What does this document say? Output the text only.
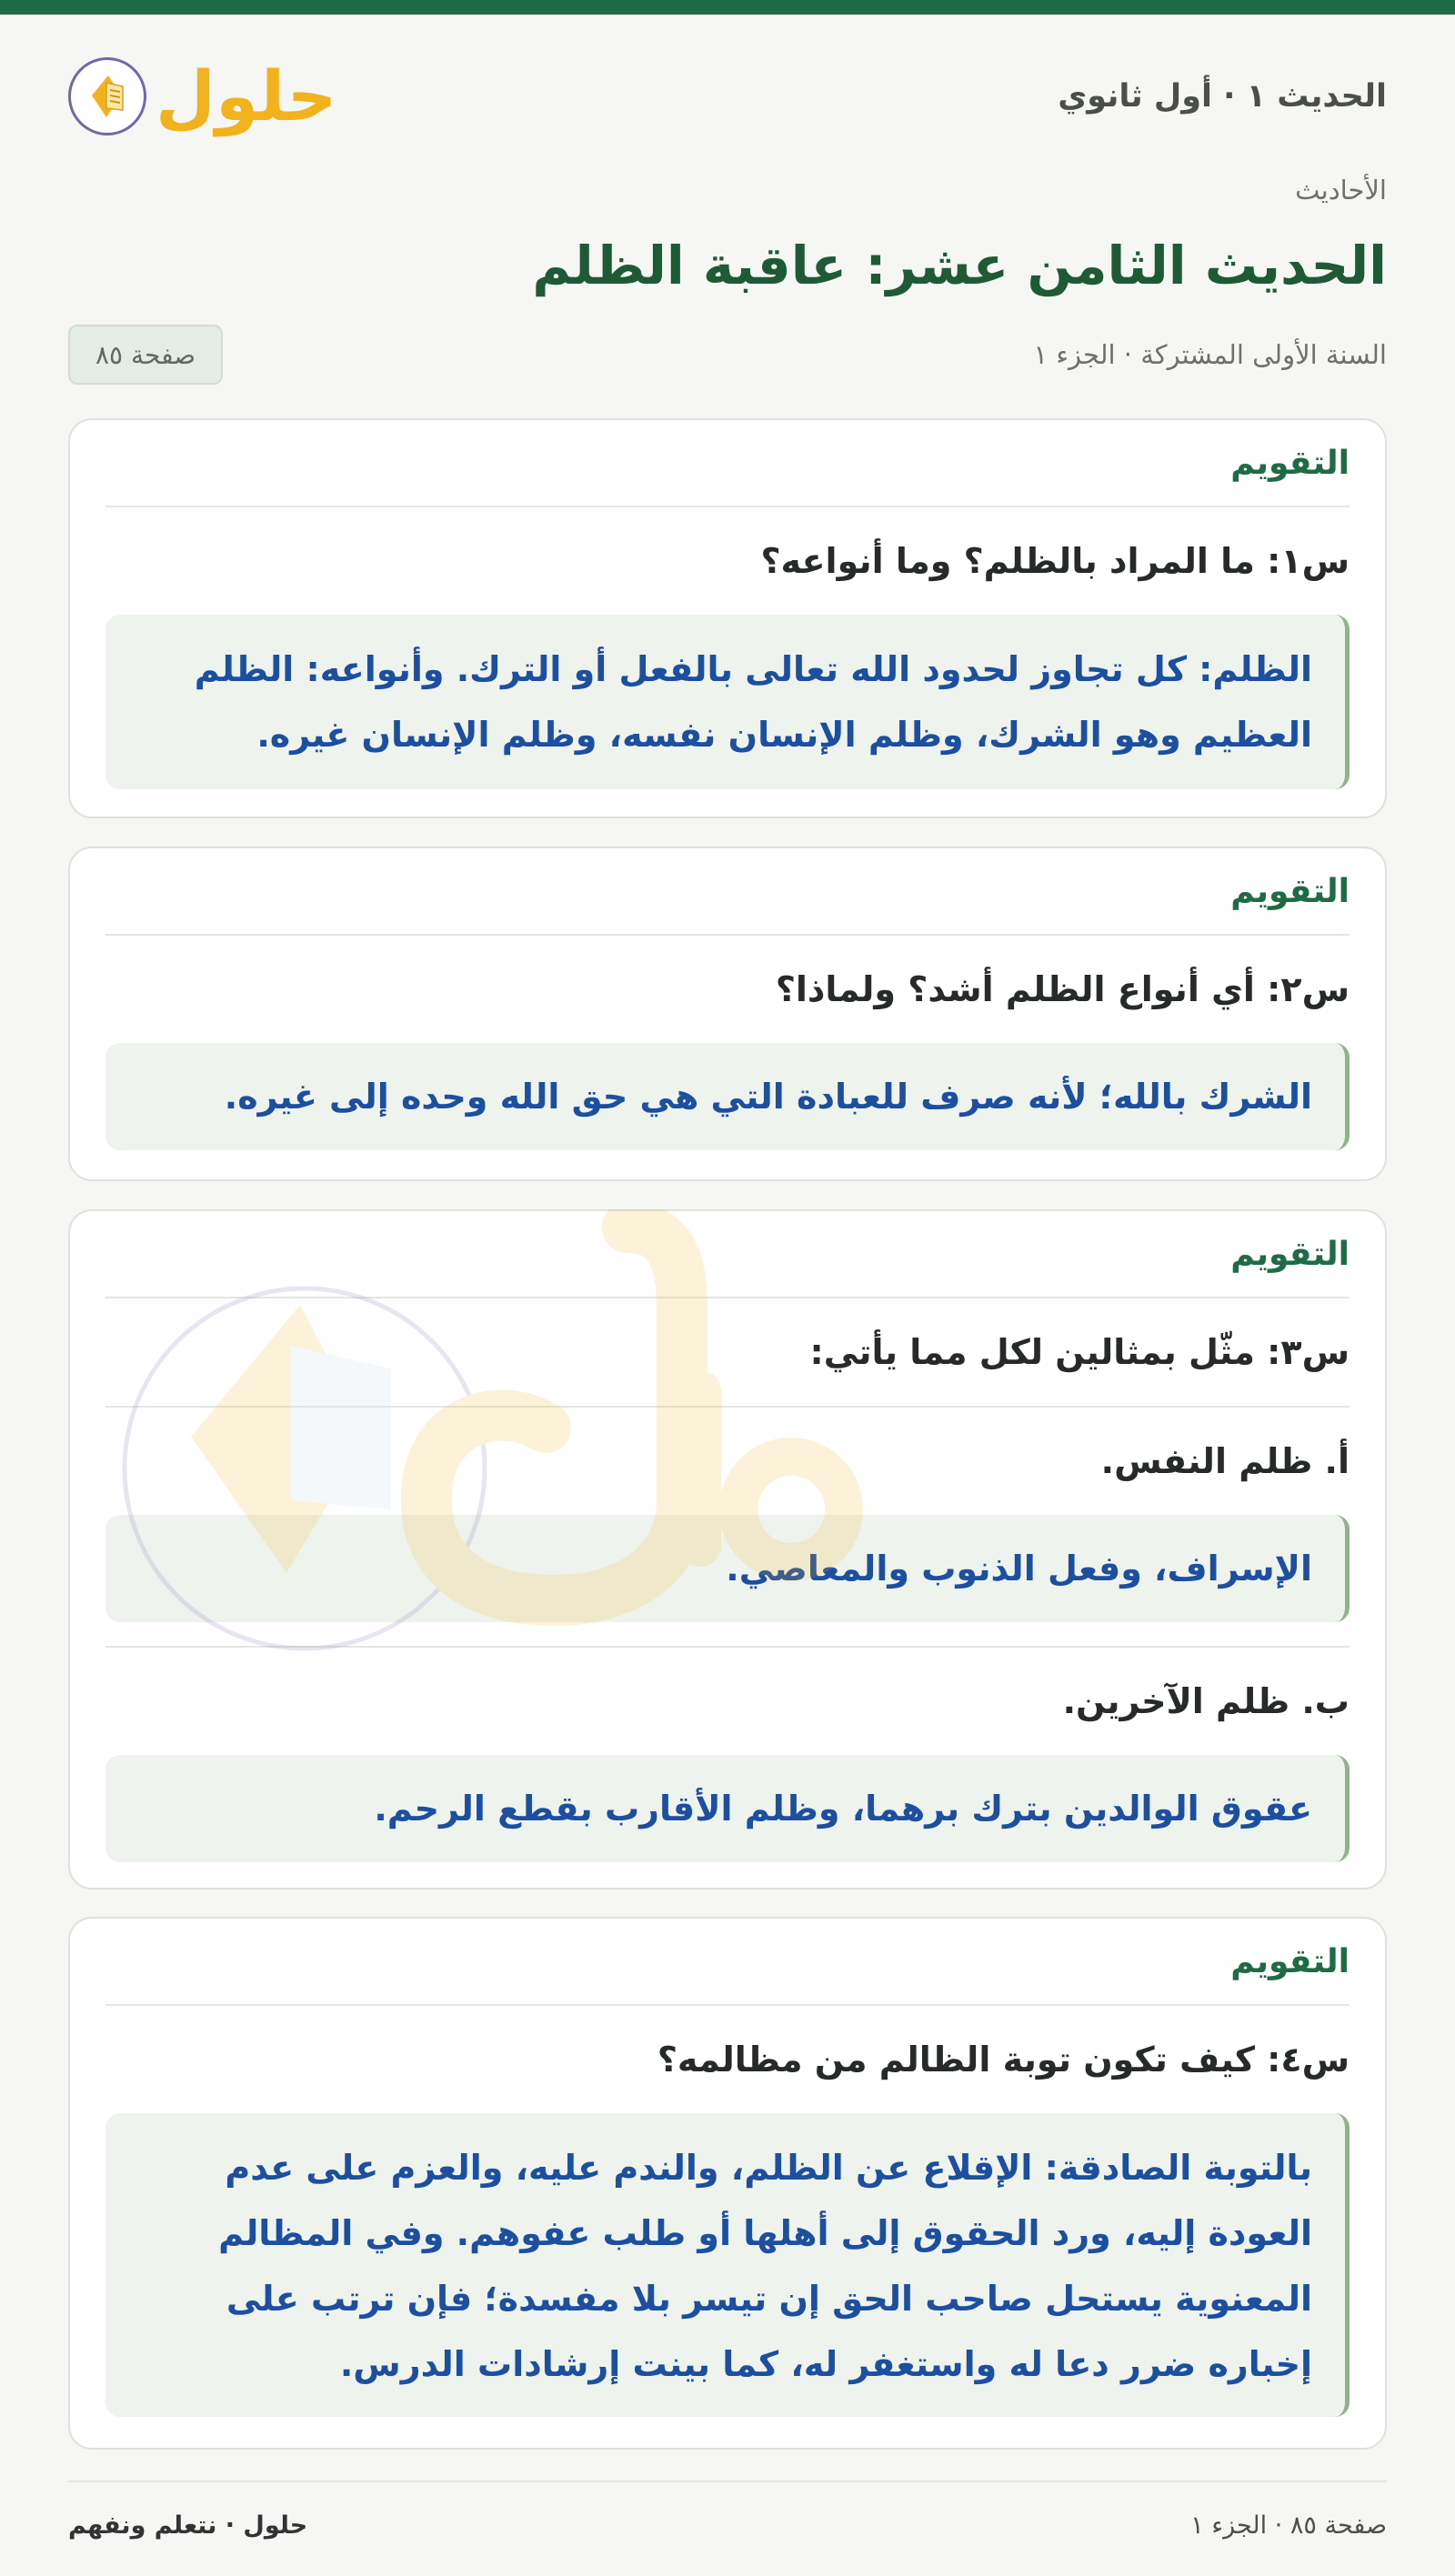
الحديث ١ · أول ثانوي
حلول
الأحاديث
الحديث الثامن عشر: عاقبة الظلم
السنة الأولى المشتركة · الجزء ١
صفحة ٨٥
التقويم
س١: ما المراد بالظلم؟ وما أنواعه؟
الظلم: كل تجاوز لحدود الله تعالى بالفعل أو الترك. وأنواعه: الظلم العظيم وهو الشرك، وظلم الإنسان نفسه، وظلم الإنسان غيره.
التقويم
س٢: أي أنواع الظلم أشد؟ ولماذا؟
الشرك بالله؛ لأنه صرف للعبادة التي هي حق الله وحده إلى غيره.
التقويم
س٣: مثّل بمثالين لكل مما يأتي:
أ. ظلم النفس.
الإسراف، وفعل الذنوب والمعاصي.
ب. ظلم الآخرين.
عقوق الوالدين بترك برهما، وظلم الأقارب بقطع الرحم.
التقويم
س٤: كيف تكون توبة الظالم من مظالمه؟
بالتوبة الصادقة: الإقلاع عن الظلم، والندم عليه، والعزم على عدم العودة إليه، ورد الحقوق إلى أهلها أو طلب عفوهم. وفي المظالم المعنوية يستحل صاحب الحق إن تيسر بلا مفسدة؛ فإن ترتب على إخباره ضرر دعا له واستغفر له، كما بينت إرشادات الدرس.
صفحة ٨٥ · الجزء ١
حلول · نتعلم ونفهم
